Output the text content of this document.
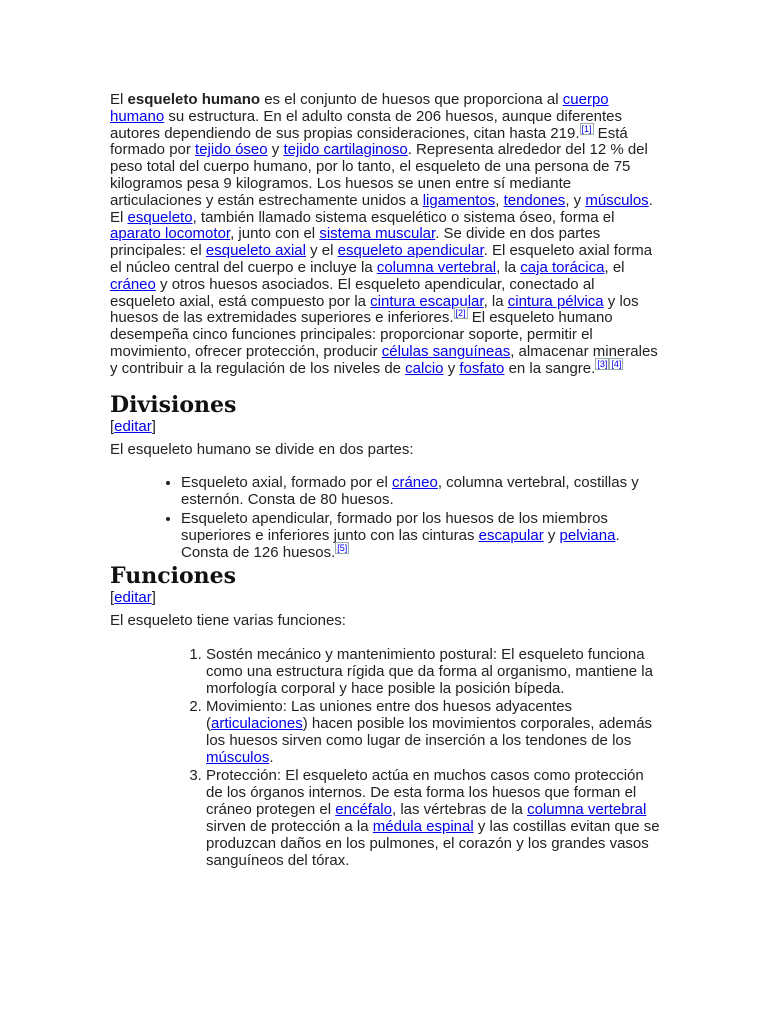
El esqueleto humano es el conjunto de huesos que proporciona al cuerpo humano su estructura. En el adulto consta de 206 huesos, aunque diferentes autores dependiendo de sus propias consideraciones, citan hasta 219. [1] Está formado por tejido óseo y tejido cartilaginoso. Representa alrededor del 12 % del peso total del cuerpo humano, por lo tanto, el esqueleto de una persona de 75 kilogramos pesa 9 kilogramos. Los huesos se unen entre sí mediante articulaciones y están estrechamente unidos a ligamentos, tendones, y músculos. El esqueleto, también llamado sistema esquelético o sistema óseo, forma el aparato locomotor, junto con el sistema muscular. Se divide en dos partes principales: el esqueleto axial y el esqueleto apendicular. El esqueleto axial forma el núcleo central del cuerpo e incluye la columna vertebral, la caja torácica, el cráneo y otros huesos asociados. El esqueleto apendicular, conectado al esqueleto axial, está compuesto por la cintura escapular, la cintura pélvica y los huesos de las extremidades superiores e inferiores. [2] El esqueleto humano desempeña cinco funciones principales: proporcionar soporte, permitir el movimiento, ofrecer protección, producir células sanguíneas, almacenar minerales y contribuir a la regulación de los niveles de calcio y fosfato en la sangre. [3] [4]

Divisiones

[editar]

El esqueleto humano se divide en dos partes:

• Esqueleto axial, formado por el cráneo, columna vertebral, costillas y esternón. Consta de 80 huesos.
• Esqueleto apendicular, formado por los huesos de los miembros superiores e inferiores junto con las cinturas escapular y pelviana. Consta de 126 huesos. [5]
Funciones

[editar]

El esqueleto tiene varias funciones:

1. Sostén mecánico y mantenimiento postural: El esqueleto funciona como una estructura rígida que da forma al organismo, mantiene la morfología corporal y hace posible la posición bípeda.
2. Movimiento: Las uniones entre dos huesos adyacentes (articulaciones) hacen posible los movimientos corporales, además los huesos sirven como lugar de inserción a los tendones de los músculos.
3. Protección: El esqueleto actúa en muchos casos como protección de los órganos internos. De esta forma los huesos que forman el cráneo protegen el encéfalo, las vértebras de la columna vertebral sirven de protección a la médula espinal y las costillas evitan que se produzcan daños en los pulmones, el corazón y los grandes vasos sanguíneos del tórax.
